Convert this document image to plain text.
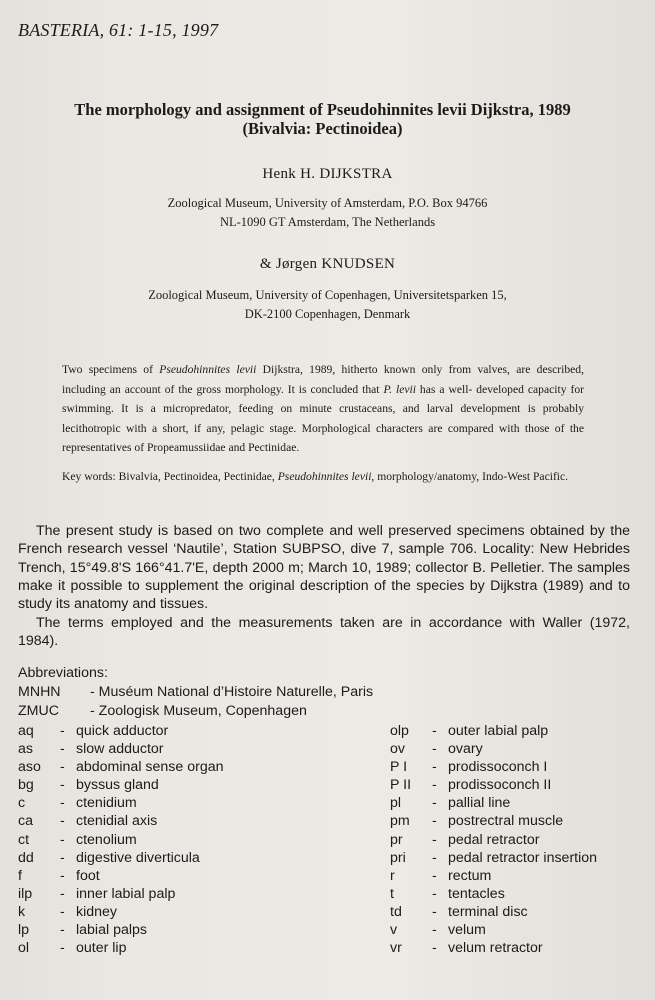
BASTERIA, 61: 1-15, 1997
The morphology and assignment of Pseudohinnites levii Dijkstra, 1989
(Bivalvia: Pectinoidea)
Henk H. DIJKSTRA
Zoological Museum, University of Amsterdam, P.O. Box 94766
NL-1090 GT Amsterdam, The Netherlands
& Jørgen KNUDSEN
Zoological Museum, University of Copenhagen, Universitetsparken 15,
DK-2100 Copenhagen, Denmark
Two specimens of Pseudohinnites levii Dijkstra, 1989, hitherto known only from valves, are described, including an account of the gross morphology. It is concluded that P. levii has a well- developed capacity for swimming. It is a micropredator, feeding on minute crustaceans, and larval development is probably lecithotropic with a short, if any, pelagic stage. Morphological characters are compared with those of the representatives of Propeamussiidae and Pectinidae.
Key words: Bivalvia, Pectinoidea, Pectinidae, Pseudohinnites levii, morphology/anatomy, Indo-West Pacific.
The present study is based on two complete and well preserved specimens obtained by the French research vessel ‘Nautile’, Station SUBPSO, dive 7, sample 706. Locality: New Hebrides Trench, 15°49.8'S 166°41.7'E, depth 2000 m; March 10, 1989; collector B. Pelletier. The samples make it possible to supplement the original description of the species by Dijkstra (1989) and to study its anatomy and tissues.
The terms employed and the measurements taken are in accordance with Waller (1972, 1984).
Abbreviations:
MNHN - Muséum National d’Histoire Naturelle, Paris
ZMUC - Zoologisk Museum, Copenhagen
aq - quick adductor
as - slow adductor
aso - abdominal sense organ
bg - byssus gland
c - ctenidium
ca - ctenidial axis
ct - ctenolium
dd - digestive diverticula
f	- foot
ilp - inner labial palp
k - kidney
lp - labial palps
ol - outer lip
olp - outer labial palp
ov - ovary
P I - prodissoconch I
P II - prodissoconch II
pl - pallial line
pm - postrectral muscle
pr - pedal retractor
pri - pedal retractor insertion
r	- rectum
t	- tentacles
td - terminal disc
v - velum
vr - velum retractor
